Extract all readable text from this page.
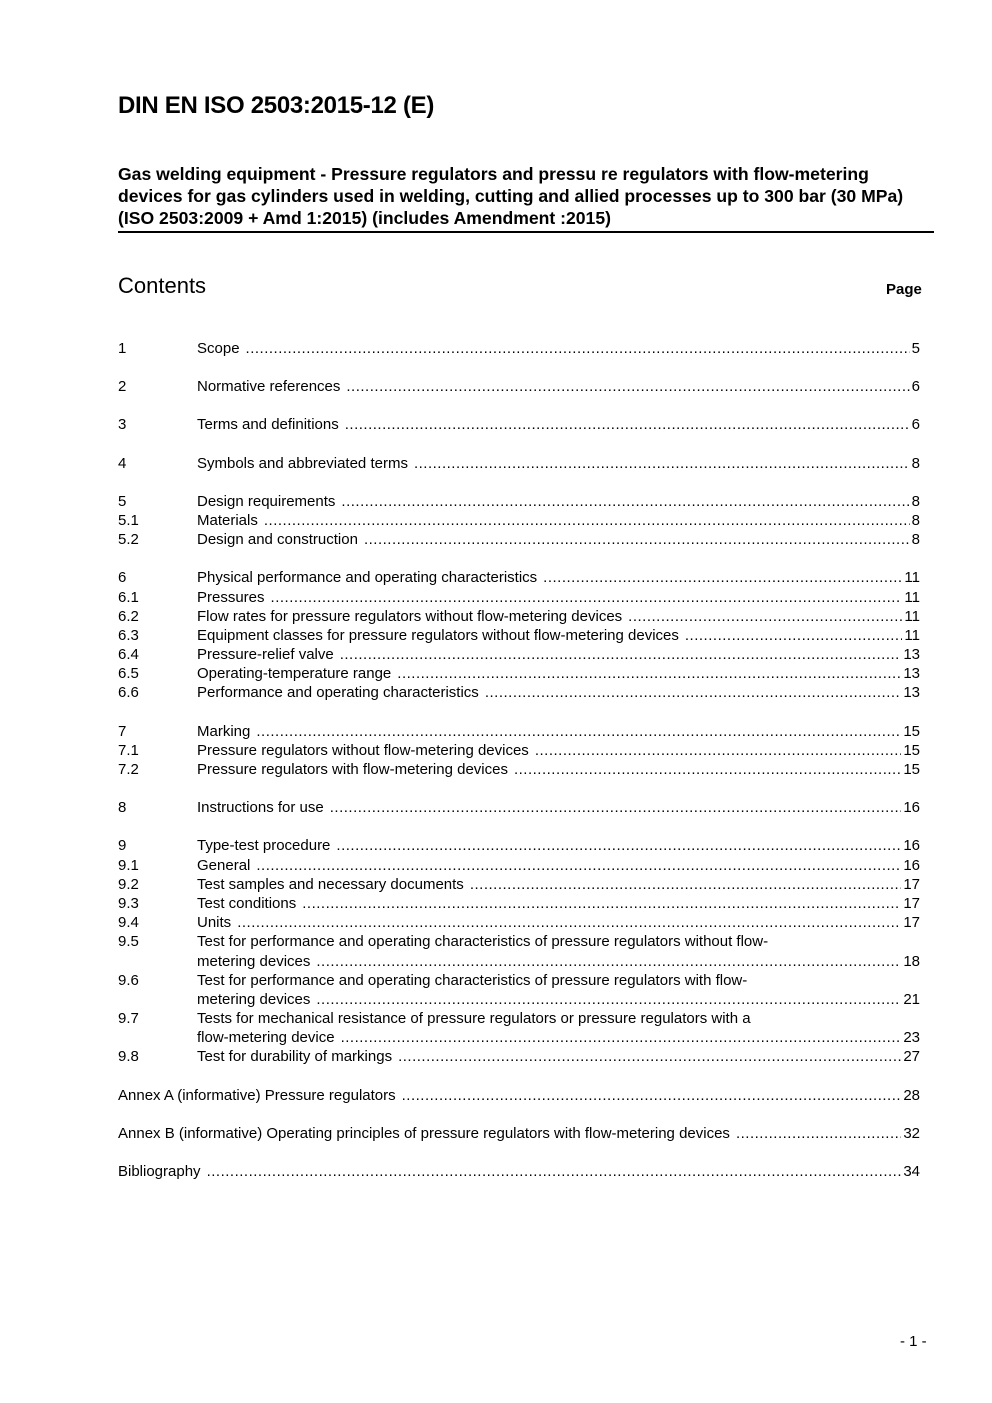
DIN EN ISO 2503:2015-12 (E)
Gas welding equipment - Pressure regulators and pressu re regulators with flow-metering devices for gas cylinders used in welding, cutting and allied processes up to 300 bar (30 MPa) (ISO 2503:2009 + Amd 1:2015) (includes Amendment :2015)
Contents	Page
1	Scope .....	5
2	Normative references .....	6
3	Terms and definitions .....	6
4	Symbols and abbreviated terms .....	8
5	Design requirements .....	8
5.1	Materials .....	8
5.2	Design and construction .....	8
6	Physical performance and operating characteristics .....	11
6.1	Pressures .....	11
6.2	Flow rates for pressure regulators without flow-metering devices .....	11
6.3	Equipment classes for pressure regulators without flow-metering devices .....	11
6.4	Pressure-relief valve .....	13
6.5	Operating-temperature range .....	13
6.6	Performance and operating characteristics .....	13
7	Marking .....	15
7.1	Pressure regulators without flow-metering devices .....	15
7.2	Pressure regulators with flow-metering devices .....	15
8	Instructions for use .....	16
9	Type-test procedure .....	16
9.1	General .....	16
9.2	Test samples and necessary documents .....	17
9.3	Test conditions .....	17
9.4	Units .....	17
9.5	Test for performance and operating characteristics of pressure regulators without flow-
metering devices .....	18
9.6	Test for performance and operating characteristics of pressure regulators with flow-
metering devices .....	21
9.7	Tests for mechanical resistance of pressure regulators or pressure regulators with a
flow-metering device .....	23
9.8	Test for durability of markings .....	27
Annex A (informative) Pressure regulators .....	28
Annex B (informative) Operating principles of pressure regulators with flow-metering devices .....	32
Bibliography .....	34
- 1 -
